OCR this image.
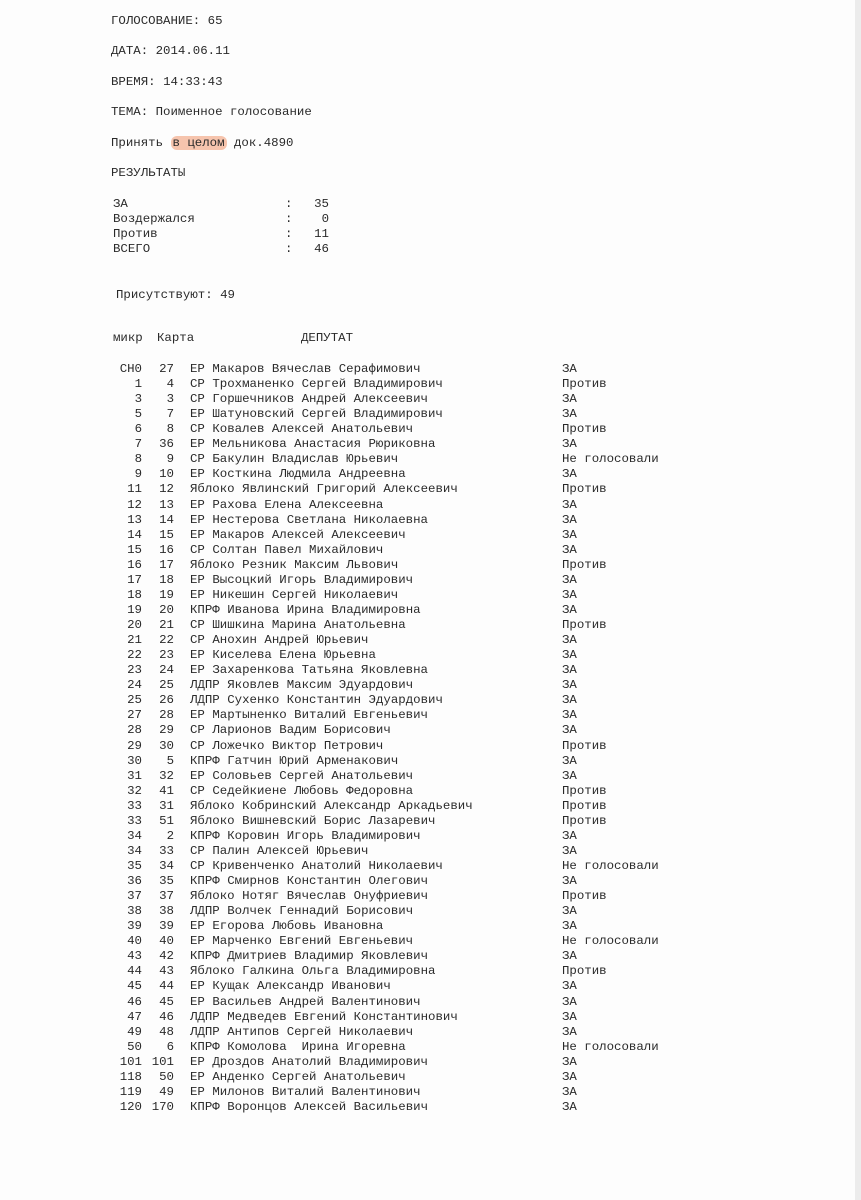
ГОЛОСОВАНИЕ: 65
ДАТА: 2014.06.11
ВРЕМЯ: 14:33:43
ТЕМА: Поименное голосование
Принять в целом док.4890
РЕЗУЛЬТАТЫ
ЗА	:	35
Воздержался	:	0
Против	:	11
ВСЕГО	:	46
Присутствуют: 49
микр Карта	ДЕПУТАТ
СН0	27 ЕР Макаров Вячеслав Серафимович	ЗА
1	4 СР Трохманенко Сергей Владимирович	Против
3	3 СР Горшечников Андрей Алексеевич	ЗА
5	7 ЕР Шатуновский Сергей Владимирович	ЗА
6	8 СР Ковалев Алексей Анатольевич	Против
7	36 ЕР Мельникова Анастасия Рюриковна	ЗА
8	9 СР Бакулин Владислав Юрьевич	Не голосовали
9	10 ЕР Косткина Людмила Андреевна	ЗА
11	12 Яблоко Явлинский Григорий Алексеевич	Против
12	13 ЕР Рахова Елена Алексеевна	ЗА
13	14 ЕР Нестерова Светлана Николаевна	ЗА
14	15 ЕР Макаров Алексей Алексеевич	ЗА
15	16 СР Солтан Павел Михайлович	ЗА
16	17 Яблоко Резник Максим Львович	Против
17	18 ЕР Высоцкий Игорь Владимирович	ЗА
18	19 ЕР Никешин Сергей Николаевич	ЗА
19	20 КПРФ Иванова Ирина Владимировна	ЗА
20	21 СР Шишкина Марина Анатольевна	Против
21	22 СР Анохин Андрей Юрьевич	ЗА
22	23 ЕР Киселева Елена Юрьевна	ЗА
23	24 ЕР Захаренкова Татьяна Яковлевна	ЗА
24	25 ЛДПР Яковлев Максим Эдуардович	ЗА
25	26 ЛДПР Сухенко Константин Эдуардович	ЗА
27	28 ЕР Мартыненко Виталий Евгеньевич	ЗА
28	29 СР Ларионов Вадим Борисович	ЗА
29	30 СР Ложечко Виктор Петрович	Против
30	5 КПРФ Гатчин Юрий Арменакович	ЗА
31	32 ЕР Соловьев Сергей Анатольевич	ЗА
32	41 СР Седейкиене Любовь Федоровна	Против
33	31 Яблоко Кобринский Александр Аркадьевич	Против
33	51 Яблоко Вишневский Борис Лазаревич	Против
34	2 КПРФ Коровин Игорь Владимирович	ЗА
34	33 СР Палин Алексей Юрьевич	ЗА
35	34 СР Кривенченко Анатолий Николаевич	Не голосовали
36	35 КПРФ Смирнов Константин Олегович	ЗА
37	37 Яблоко Нотяг Вячеслав Онуфриевич	Против
38	38 ЛДПР Волчек Геннадий Борисович	ЗА
39	39 ЕР Егорова Любовь Ивановна	ЗА
40	40 ЕР Марченко Евгений Евгеньевич	Не голосовали
43	42 КПРФ Дмитриев Владимир Яковлевич	ЗА
44	43 Яблоко Галкина Ольга Владимировна	Против
45	44 ЕР Кущак Александр Иванович	ЗА
46	45 ЕР Васильев Андрей Валентинович	ЗА
47	46 ЛДПР Медведев Евгений Константинович	ЗА
49	48 ЛДПР Антипов Сергей Николаевич	ЗА
50	6 КПРФ Комолова  Ирина Игоревна	Не голосовали
101 101 ЕР Дроздов Анатолий Владимирович	ЗА
118	50 ЕР Анденко Сергей Анатольевич	ЗА
119	49 ЕР Милонов Виталий Валентинович	ЗА
120 170 КПРФ Воронцов Алексей Васильевич	ЗА
